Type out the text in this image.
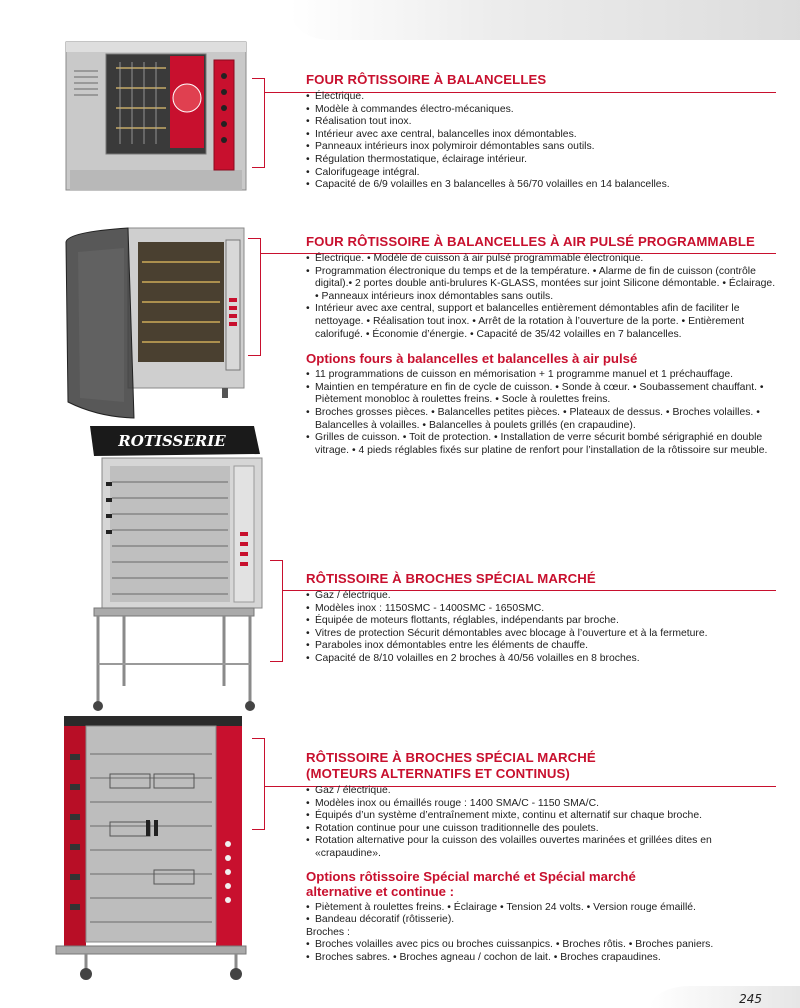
ROTISSERIE
FOUR RÔTISSOIRE À BALANCELLES
• Électrique.
• Modèle à commandes électro-mécaniques.
• Réalisation tout inox.
• Intérieur avec axe central, balancelles inox démontables.
• Panneaux intérieurs inox polymiroir démontables sans outils.
• Régulation thermostatique, éclairage intérieur.
• Calorifugeage intégral.
• Capacité de 6/9 volailles en 3 balancelles à 56/70 volailles en 14 balancelles.
FOUR RÔTISSOIRE À BALANCELLES À AIR PULSÉ PROGRAMMABLE
• Électrique. • Modèle de cuisson à air pulsé programmable électronique.
• Programmation électronique du temps et de la température. • Alarme de fin de cuisson (contrôle digital).• 2 portes double anti-brulures K-GLASS, montées sur joint Silicone démontable. • Éclairage. • Panneaux intérieurs inox démontables sans outils.
• Intérieur avec axe central, support et balancelles entièrement démontables afin de faciliter le nettoyage. • Réalisation tout inox. • Arrêt de la rotation à l’ouverture de la porte. • Entièrement calorifugé. • Économie d’énergie. • Capacité de 35/42 volailles en 7 balancelles.
Options fours à balancelles et balancelles à air pulsé
• 11 programmations de cuisson en mémorisation + 1 programme manuel et 1 préchauffage.
• Maintien en température en fin de cycle de cuisson. • Sonde à cœur. • Soubassement chauffant. • Piètement monobloc à roulettes freins. • Socle à roulettes freins.
• Broches grosses pièces. • Balancelles petites pièces. • Plateaux de dessus. • Broches volailles. • Balancelles à volailles. • Balancelles à poulets grillés (en crapaudine).
• Grilles de cuisson. • Toit de protection. • Installation de verre sécurit bombé sérigraphié en double vitrage. • 4 pieds réglables fixés sur platine de renfort pour l’installation de la rôtissoire sur meuble.
RÔTISSOIRE À BROCHES SPÉCIAL MARCHÉ
• Gaz / électrique.
• Modèles inox : 1150SMC - 1400SMC - 1650SMC.
• Équipée de moteurs flottants, réglables, indépendants par broche.
• Vitres de protection Sécurit démontables avec blocage à l’ouverture et à la fermeture.
• Paraboles inox démontables entre les éléments de chauffe.
• Capacité de 8/10 volailles en 2 broches à 40/56 volailles en 8 broches.
RÔTISSOIRE À BROCHES SPÉCIAL MARCHÉ
(MOTEURS ALTERNATIFS ET CONTINUS)
• Gaz / électrique.
• Modèles inox ou émaillés rouge : 1400 SMA/C - 1150 SMA/C.
• Équipés d’un système d’entraînement mixte, continu et alternatif sur chaque broche.
• Rotation continue pour une cuisson traditionnelle des poulets.
• Rotation alternative pour la cuisson des volailles ouvertes marinées et grillées dites en «crapaudine».
Options rôtissoire Spécial marché et Spécial marché
alternative et continue :
• Piètement à roulettes freins. • Éclairage • Tension 24 volts. • Version rouge émaillé.
• Bandeau décoratif (rôtisserie).
Broches :
• Broches volailles avec pics ou broches cuissanpics. • Broches rôtis. • Broches paniers.
• Broches sabres. • Broches agneau / cochon de lait. • Broches crapaudines.
245
